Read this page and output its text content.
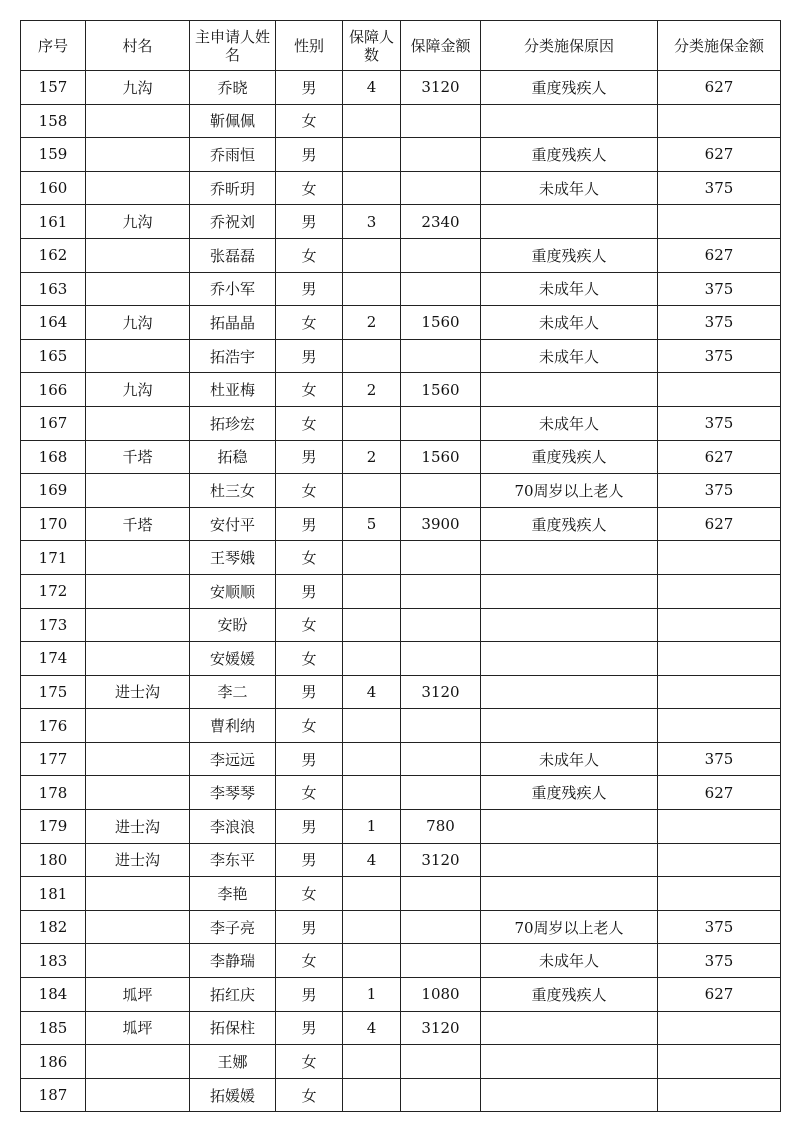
序号	村名	主申请人姓名	性别	保障人数	保障金额	分类施保原因	分类施保金额
157	九沟	乔晓	男	4	3120	重度残疾人	627
158		靳佩佩	女				
159		乔雨恒	男			重度残疾人	627
160		乔昕玥	女			未成年人	375
161	九沟	乔祝刘	男	3	2340		
162		张磊磊	女			重度残疾人	627
163		乔小军	男			未成年人	375
164	九沟	拓晶晶	女	2	1560	未成年人	375
165		拓浩宇	男			未成年人	375
166	九沟	杜亚梅	女	2	1560		
167		拓珍宏	女			未成年人	375
168	千塔	拓稳	男	2	1560	重度残疾人	627
169		杜三女	女			70周岁以上老人	375
170	千塔	安付平	男	5	3900	重度残疾人	627
171		王琴娥	女				
172		安顺顺	男				
173		安盼	女				
174		安媛媛	女				
175	进士沟	李二	男	4	3120		
176		曹利纳	女				
177		李远远	男			未成年人	375
178		李琴琴	女			重度残疾人	627
179	进士沟	李浪浪	男	1	780		
180	进士沟	李东平	男	4	3120		
181		李艳	女				
182		李子亮	男			70周岁以上老人	375
183		李静瑞	女			未成年人	375
184	坬坪	拓红庆	男	1	1080	重度残疾人	627
185	坬坪	拓保柱	男	4	3120		
186		王娜	女				
187		拓媛媛	女				
